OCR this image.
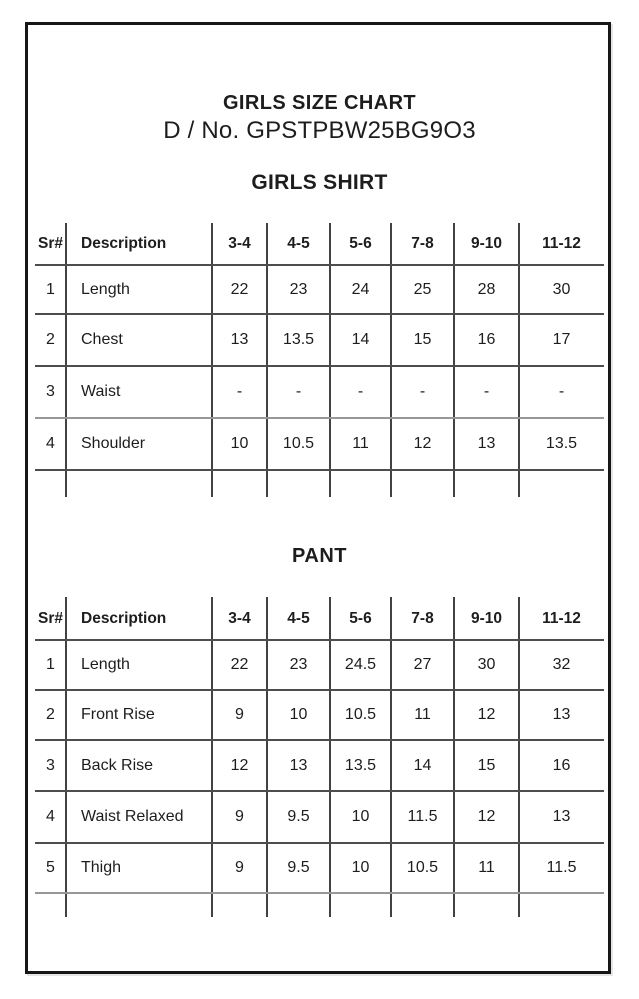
GIRLS SIZE CHART
D / No. GPSTPBW25BG9O3
GIRLS SHIRT
Sr#	Description	3-4	4-5	5-6	7-8	9-10	11-12
1	Length	22	23	24	25	28	30
2	Chest	13	13.5	14	15	16	17
3	Waist	-	-	-	-	-	-
4	Shoulder	10	10.5	11	12	13	13.5
PANT
Sr#	Description	3-4	4-5	5-6	7-8	9-10	11-12
1	Length	22	23	24.5	27	30	32
2	Front Rise	9	10	10.5	11	12	13
3	Back Rise	12	13	13.5	14	15	16
4	Waist Relaxed	9	9.5	10	11.5	12	13
5	Thigh	9	9.5	10	10.5	11	11.5
